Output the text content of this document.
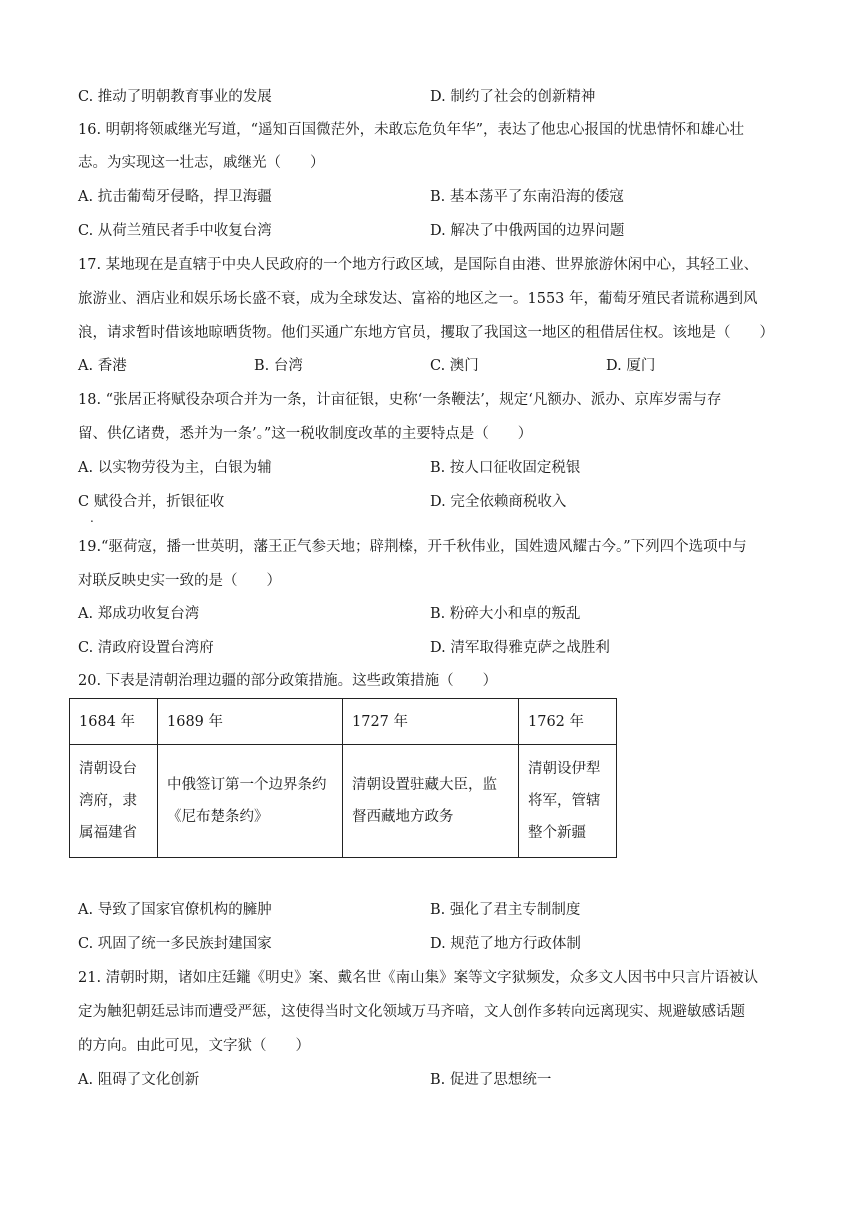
C. 推动了明朝教育事业的发展	D. 制约了社会的创新精神
16. 明朝将领戚继光写道，“遥知百国微茫外，未敢忘危负年华”，表达了他忠心报国的忧患情怀和雄心壮
志。为实现这一壮志，戚继光（　　）
A. 抗击葡萄牙侵略，捍卫海疆	B. 基本荡平了东南沿海的倭寇
C. 从荷兰殖民者手中收复台湾	D. 解决了中俄两国的边界问题
17. 某地现在是直辖于中央人民政府的一个地方行政区域，是国际自由港、世界旅游休闲中心，其轻工业、
旅游业、酒店业和娱乐场长盛不衰，成为全球发达、富裕的地区之一。1553 年，葡萄牙殖民者谎称遇到风
浪，请求暂时借该地晾晒货物。他们买通广东地方官员，攫取了我国这一地区的租借居住权。该地是（　　）
A. 香港	B. 台湾	C. 澳门	D. 厦门
18. “张居正将赋役杂项合并为一条，计亩征银，史称‘一条鞭法’，规定‘凡额办、派办、京库岁需与存
留、供亿诸费，悉并为一条’。”这一税收制度改革的主要特点是（　　）
A. 以实物劳役为主，白银为辅	B. 按人口征收固定税银
C 赋役合并，折银征收
.
D. 完全依赖商税收入
19.“驱荷寇，播一世英明，藩王正气参天地；辟荆榛，开千秋伟业，国姓遗风耀古今。”下列四个选项中与
对联反映史实一致的是（　　）
A. 郑成功收复台湾	B. 粉碎大小和卓的叛乱
C. 清政府设置台湾府	D. 清军取得雅克萨之战胜利
20. 下表是清朝治理边疆的部分政策措施。这些政策措施（　　）
1684 年	1689 年	1727 年	1762 年
清朝设台湾府，隶属福建省	中俄签订第一个边界条约《尼布楚条约》	清朝设置驻藏大臣，监督西藏地方政务	清朝设伊犁将军，管辖整个新疆
A. 导致了国家官僚机构的臃肿	B. 强化了君主专制制度
C. 巩固了统一多民族封建国家	D. 规范了地方行政体制
21. 清朝时期，诸如庄廷鑨《明史》案、戴名世《南山集》案等文字狱频发，众多文人因书中只言片语被认
定为触犯朝廷忌讳而遭受严惩，这使得当时文化领域万马齐喑，文人创作多转向远离现实、规避敏感话题
的方向。由此可见，文字狱（　　）
A. 阻碍了文化创新	B. 促进了思想统一
